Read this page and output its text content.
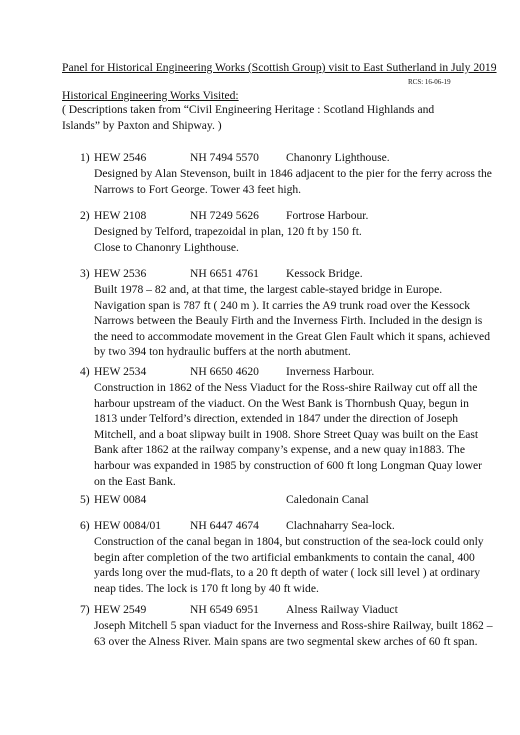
Panel for Historical Engineering Works (Scottish Group) visit to East Sutherland in July 2019
RCS: 16-06-19
Historical Engineering Works Visited:
( Descriptions taken from “Civil Engineering Heritage : Scotland Highlands and Islands” by Paxton and Shipway. )
1) HEW 2546	NH 7494 5570 Chanonry Lighthouse.
Designed by Alan Stevenson, built in 1846 adjacent to the pier for the ferry across the
Narrows to Fort George. Tower 43 feet high.
2) HEW 2108	NH 7249 5626 Fortrose Harbour.
Designed by Telford, trapezoidal in plan, 120 ft by 150 ft.
Close to Chanonry Lighthouse.
3) HEW 2536	NH 6651 4761 Kessock Bridge.
Built 1978 – 82 and, at that time, the largest cable-stayed bridge in Europe.
Navigation span is 787 ft ( 240 m ). It carries the A9 trunk road over the Kessock
Narrows between the Beauly Firth and the Inverness Firth. Included in the design is
the need to accommodate movement in the Great Glen Fault which it spans, achieved
by two 394 ton hydraulic buffers at the north abutment.
4) HEW 2534	NH 6650 4620 Inverness Harbour.
Construction in 1862 of the Ness Viaduct for the Ross-shire Railway cut off all the
harbour upstream of the viaduct. On the West Bank is Thornbush Quay, begun in
1813 under Telford’s direction, extended in 1847 under the direction of Joseph
Mitchell, and a boat slipway built in 1908. Shore Street Quay was built on the East
Bank after 1862 at the railway company’s expense, and a new quay in1883. The
harbour was expanded in 1985 by construction of 600 ft long Longman Quay lower
on the East Bank.
5) HEW 0084	Caledonain Canal
6) HEW 0084/01 NH 6447 4674 Clachnaharry Sea-lock.
Construction of the canal began in 1804, but construction of the sea-lock could only
begin after completion of the two artificial embankments to contain the canal, 400
yards long over the mud-flats, to a 20 ft depth of water ( lock sill level ) at ordinary
neap tides. The lock is 170 ft long by 40 ft wide.
7) HEW 2549	NH 6549 6951 Alness Railway Viaduct
Joseph Mitchell 5 span viaduct for the Inverness and Ross-shire Railway, built 1862 –
63 over the Alness River. Main spans are two segmental skew arches of 60 ft span.
